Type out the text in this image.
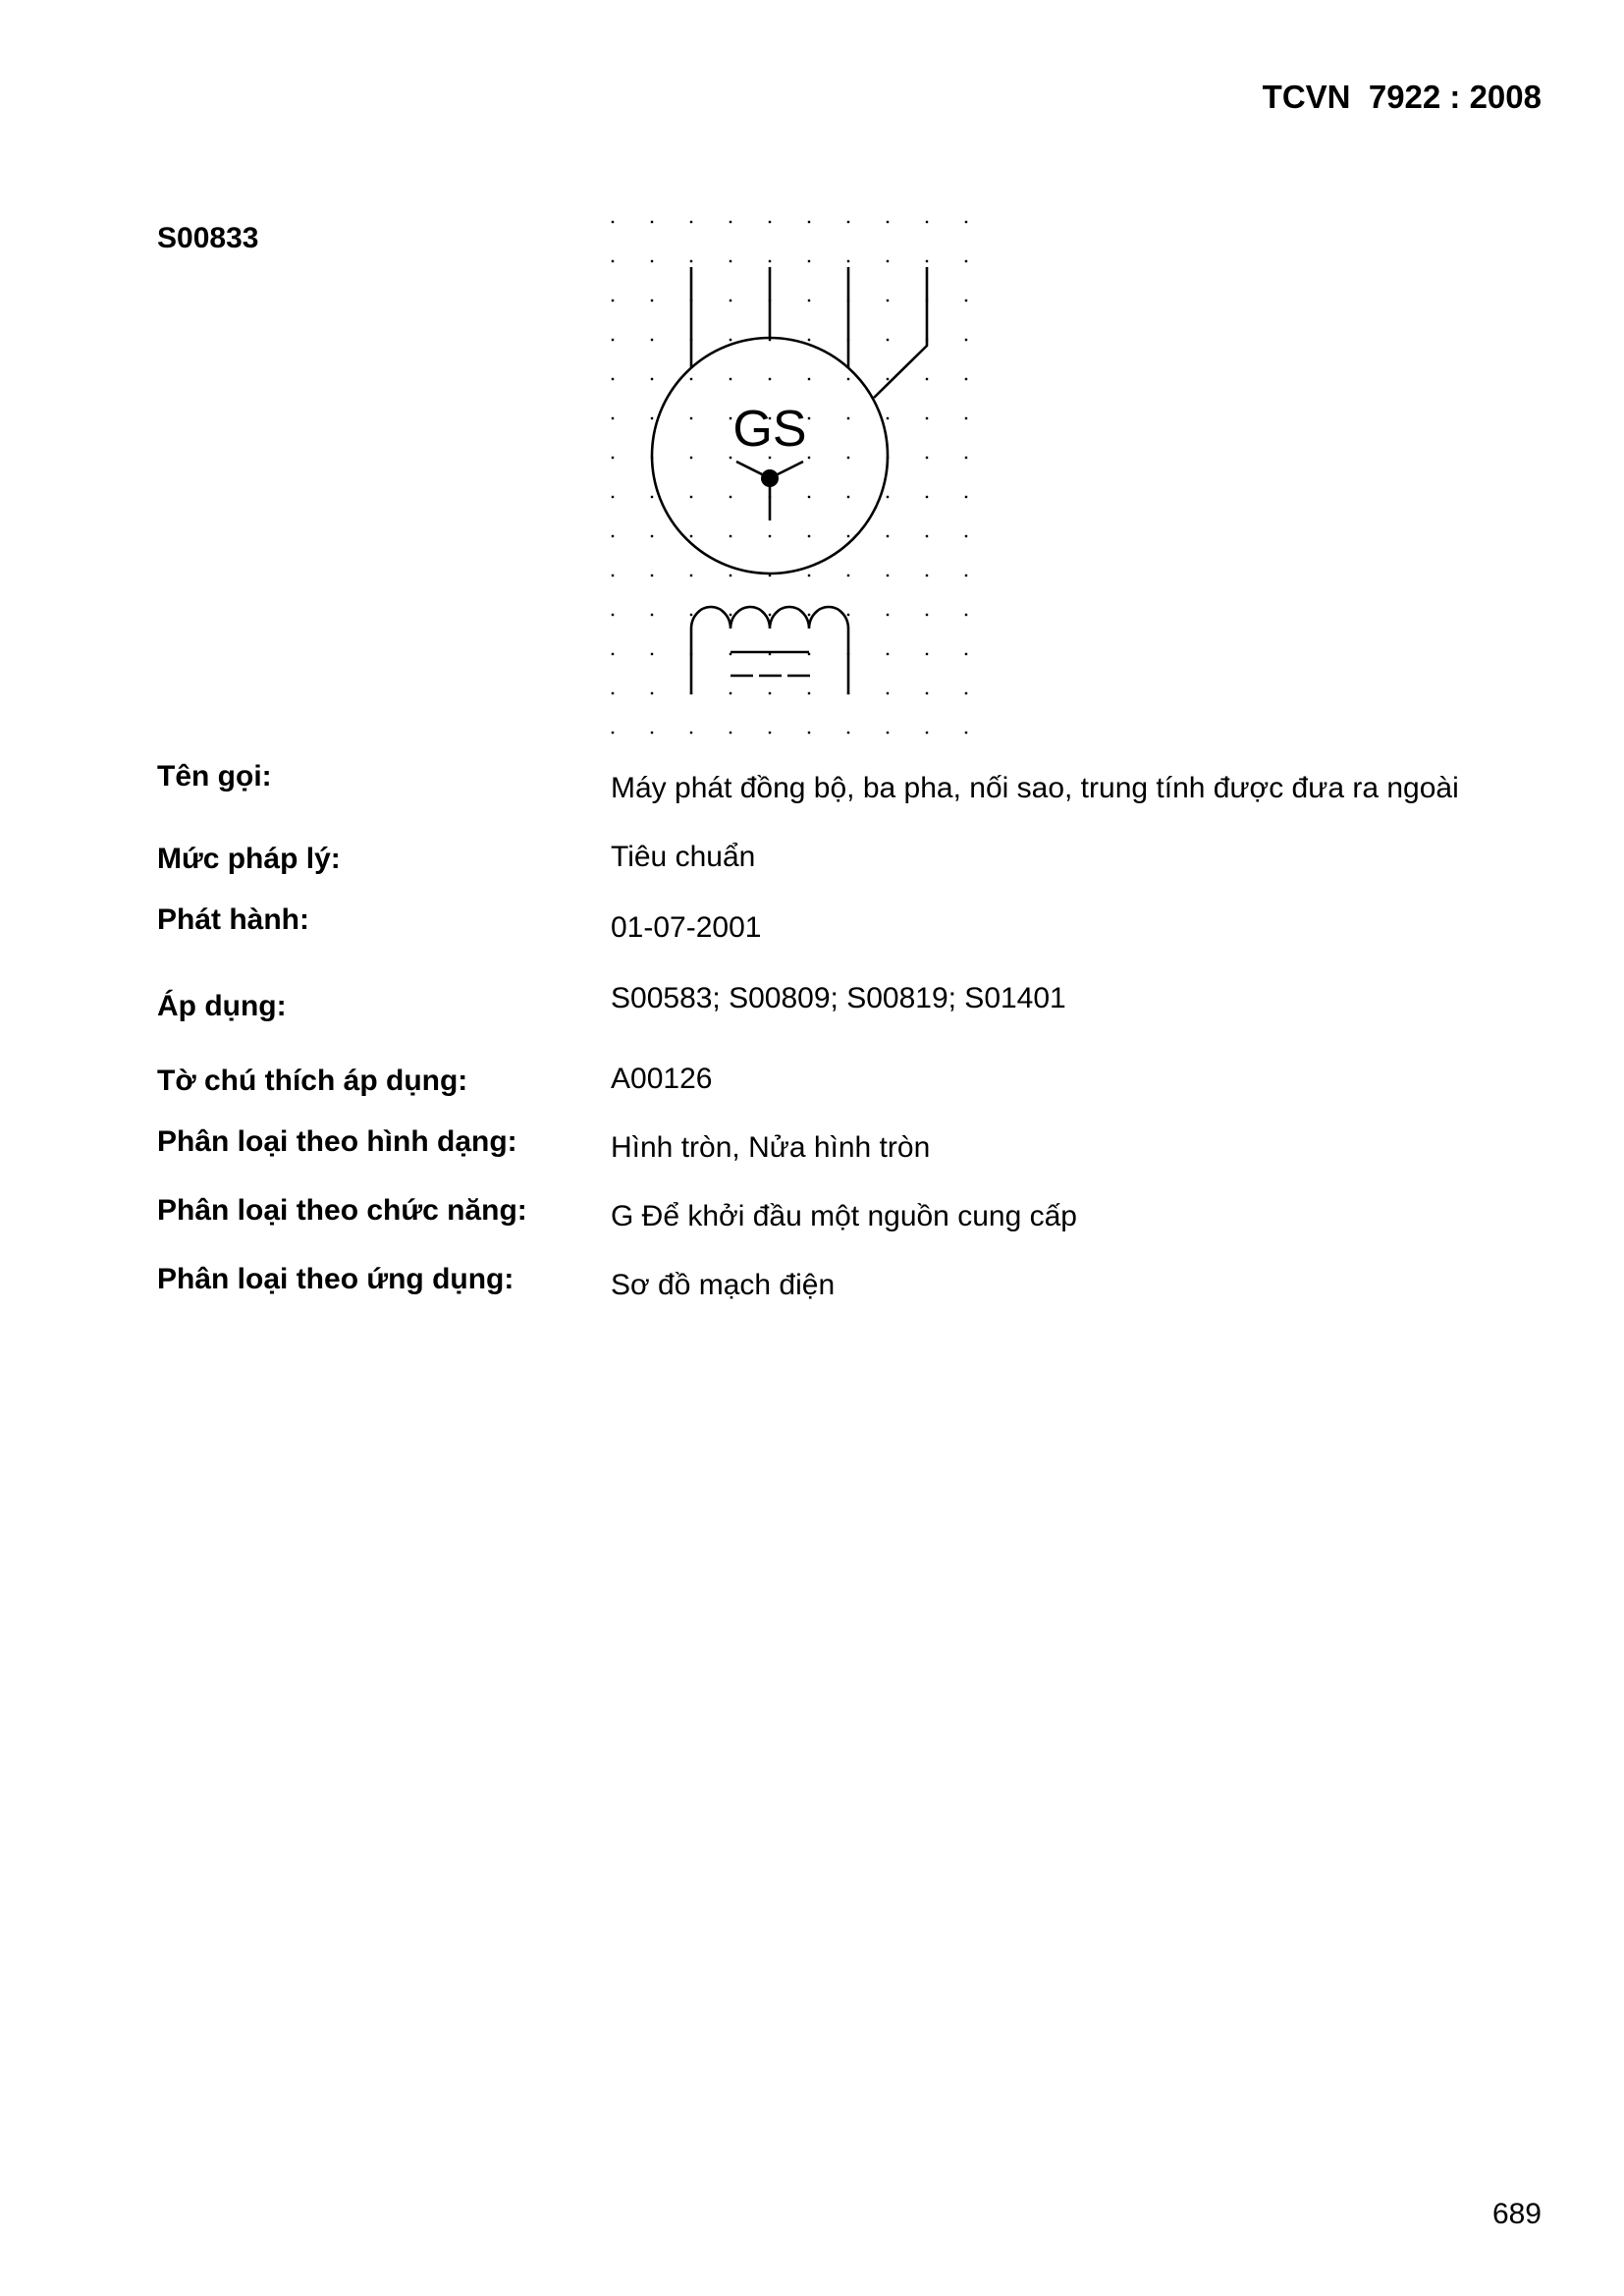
TCVN  7922 : 2008
S00833
GS
Tên gọi:	Máy phát đồng bộ, ba pha, nối sao, trung tính được đưa ra ngoài
Mức pháp lý:	Tiêu chuẩn
Phát hành:	01-07-2001
Áp dụng:	S00583; S00809; S00819; S01401
Tờ chú thích áp dụng:	A00126
Phân loại theo hình dạng:	Hình tròn, Nửa hình tròn
Phân loại theo chức năng:	G Để khởi đầu một nguồn cung cấp
Phân loại theo ứng dụng:	Sơ đồ mạch điện
689
